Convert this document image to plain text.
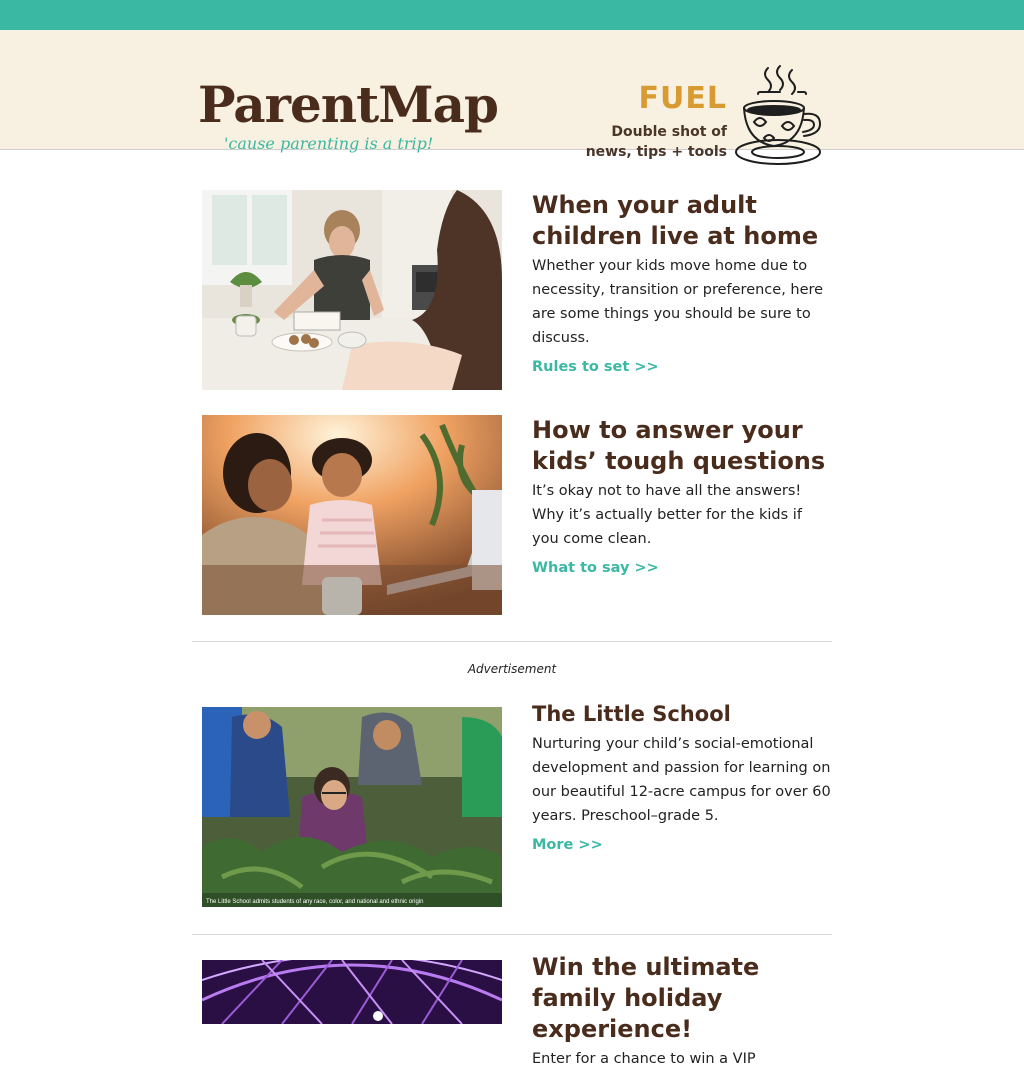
ParentMap
'cause parenting is a trip!
FUEL
Double shot of
news, tips + tools
When your adult children live at home
Whether your kids move home due to necessity, transition or preference, here are some things you should be sure to discuss.
Rules to set >>
How to answer your kids’ tough questions
It’s okay not to have all the answers! Why it’s actually better for the kids if you come clean.
What to say >>
Advertisement
The Little School admits students of any race, color, and national and ethnic origin
The Little School
Nurturing your child’s social-emotional development and passion for learning on our beautiful 12-acre campus for over 60 years. Preschool–grade 5.
More >>
Win the ultimate family holiday experience!
Enter for a chance to win a VIP
